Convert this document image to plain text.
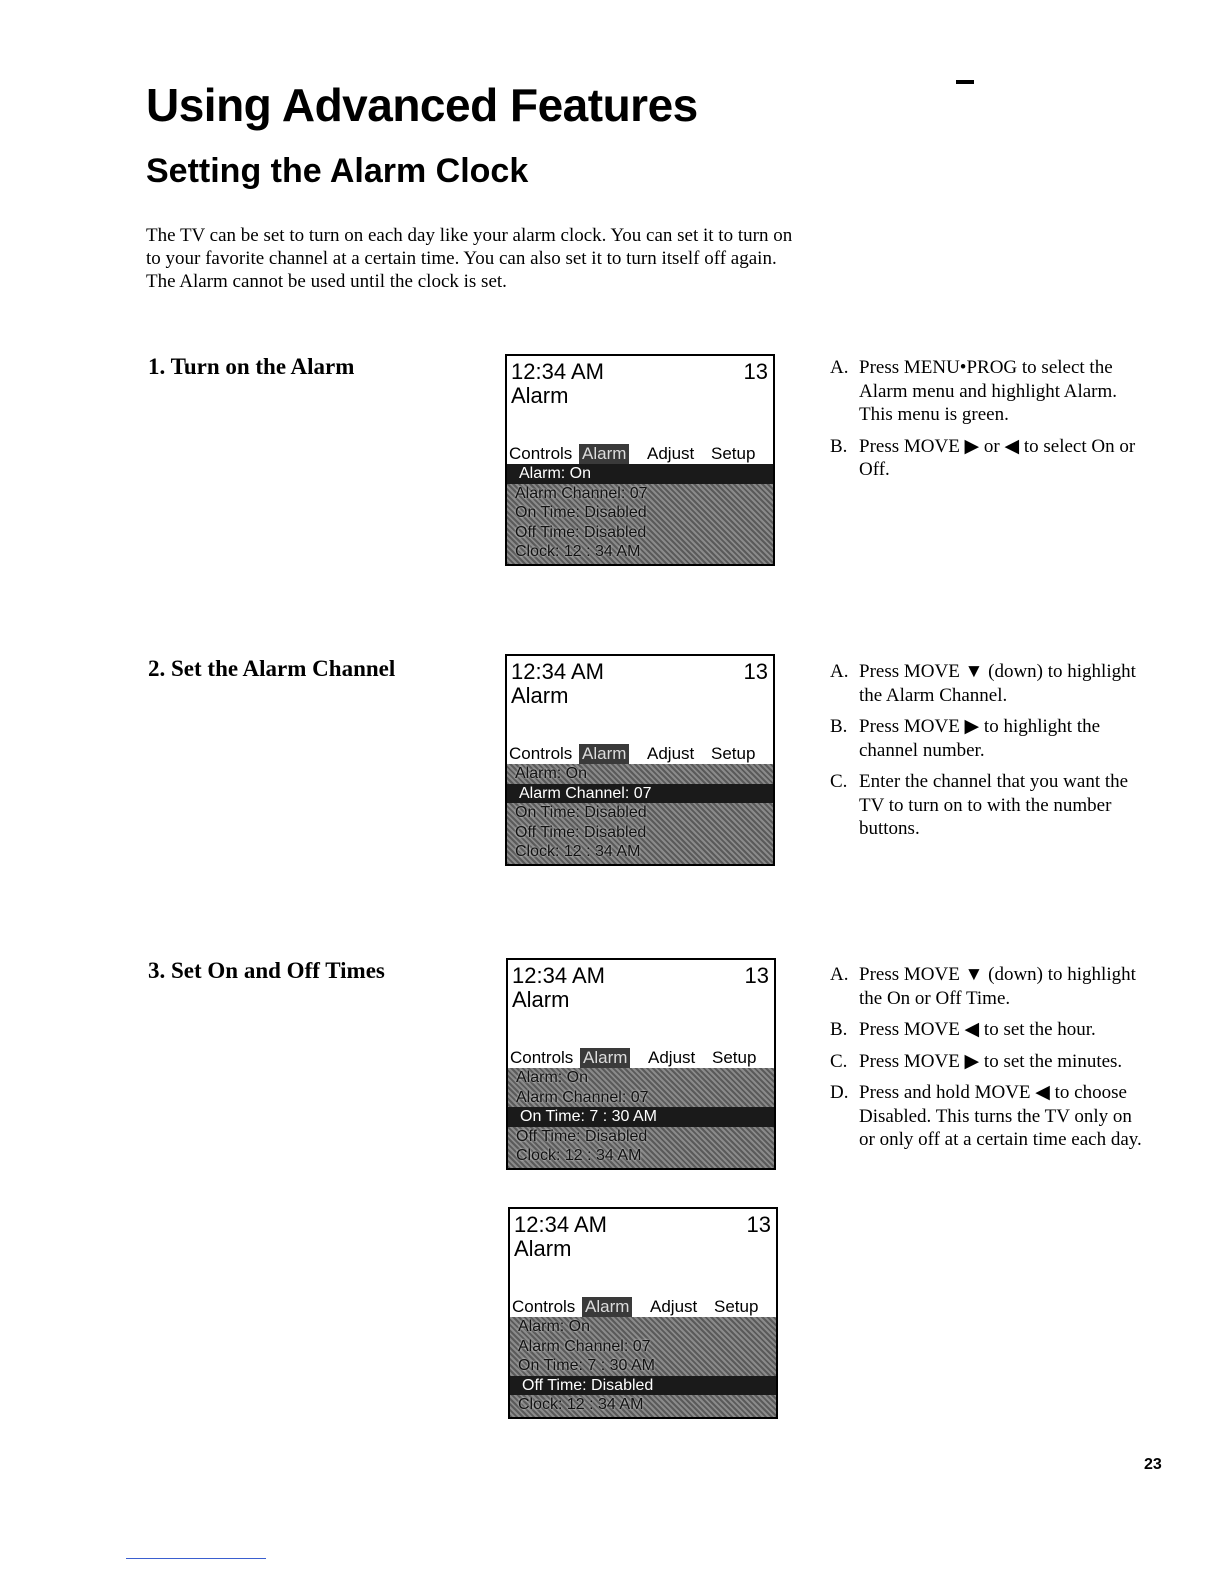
Using Advanced Features
Setting the Alarm Clock

The TV can be set to turn on each day like your alarm clock. You can set it to turn on to your favorite channel at a certain time. You can also set it to turn itself off again. The Alarm cannot be used until the clock is set.

1. Turn on the Alarm	12:34 AM	13
Alarm
Controls Alarm Adjust Setup
Alarm: On
Alarm Channel: 07
On Time: Disabled
Off Time: Disabled
Clock: 12 : 34 AM
A. Press MENU•PROG to select the Alarm menu and highlight Alarm. This menu is green.
B. Press MOVE ▶ or ◀ to select On or Off.
2. Set the Alarm Channel	12:34 AM	13
Alarm
Controls Alarm Adjust Setup
Alarm: On
Alarm Channel: 07
On Time: Disabled
Off Time: Disabled
Clock: 12 : 34 AM
A. Press MOVE ▼ (down) to highlight the Alarm Channel.
B. Press MOVE ▶ to highlight the channel number.
C. Enter the channel that you want the TV to turn on to with the number buttons.
3. Set On and Off Times	12:34 AM	13
Alarm
Controls Alarm Adjust Setup
Alarm: On
Alarm Channel: 07
On Time: 7 : 30 AM
Off Time: Disabled
Clock: 12 : 34 AM
12:34 AM	13
Alarm
Controls Alarm Adjust Setup
Alarm: On
Alarm Channel: 07
On Time: 7 : 30 AM
Off Time: Disabled
Clock: 12 : 34 AM
A. Press MOVE ▼ (down) to highlight the On or Off Time.
B. Press MOVE ◀ to set the hour.
C. Press MOVE ▶ to set the minutes.
D. Press and hold MOVE ◀ to choose Disabled. This turns the TV only on or only off at a certain time each day.
23
